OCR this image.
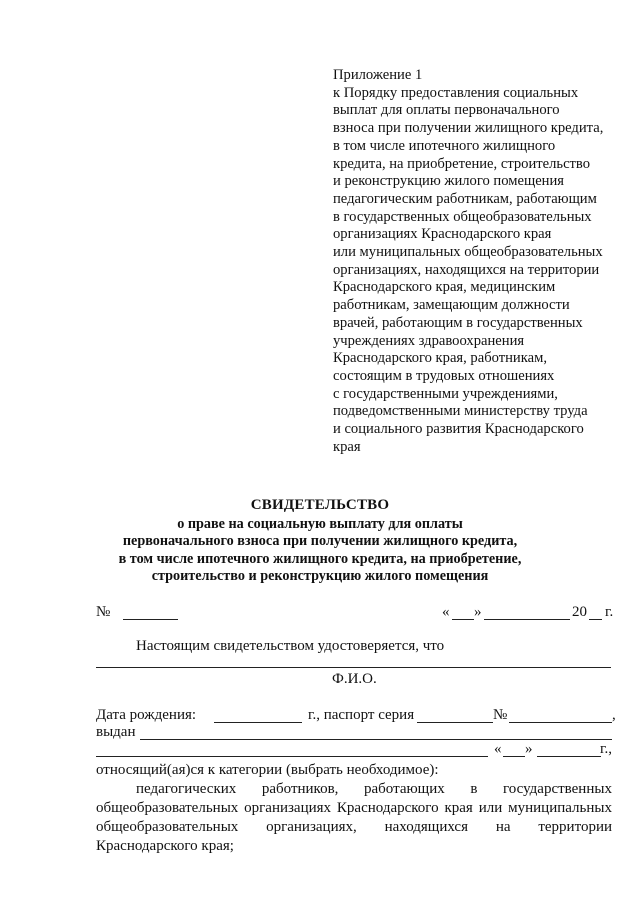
Приложение 1
к Порядку предоставления социальных
выплат для оплаты первоначального
взноса при получении жилищного кредита,
в том числе ипотечного жилищного
кредита, на приобретение, строительство
и реконструкцию жилого помещения
педагогическим работникам, работающим
в государственных общеобразовательных
организациях Краснодарского края
или муниципальных общеобразовательных
организациях, находящихся на территории
Краснодарского края, медицинским
работникам, замещающим должности
врачей, работающим в государственных
учреждениях здравоохранения
Краснодарского края, работникам,
состоящим в трудовых отношениях
с государственными учреждениями,
подведомственными министерству труда
и социального развития Краснодарского
края
СВИДЕТЕЛЬСТВО
о праве на социальную выплату для оплаты
первоначального взноса при получении жилищного кредита,
в том числе ипотечного жилищного кредита, на приобретение,
строительство и реконструкцию жилого помещения
№	« »	20 г.
Настоящим свидетельством удостоверяется, что
Ф.И.О.
Дата рождения:	г., паспорт серия	№	,
выдан
« »	г.,
относящий(ая)ся к категории (выбрать необходимое):
педагогических работников, работающих в государственных
общеобразовательных организациях Краснодарского края или муниципальных
общеобразовательных организациях, находящихся на территории
Краснодарского края;
